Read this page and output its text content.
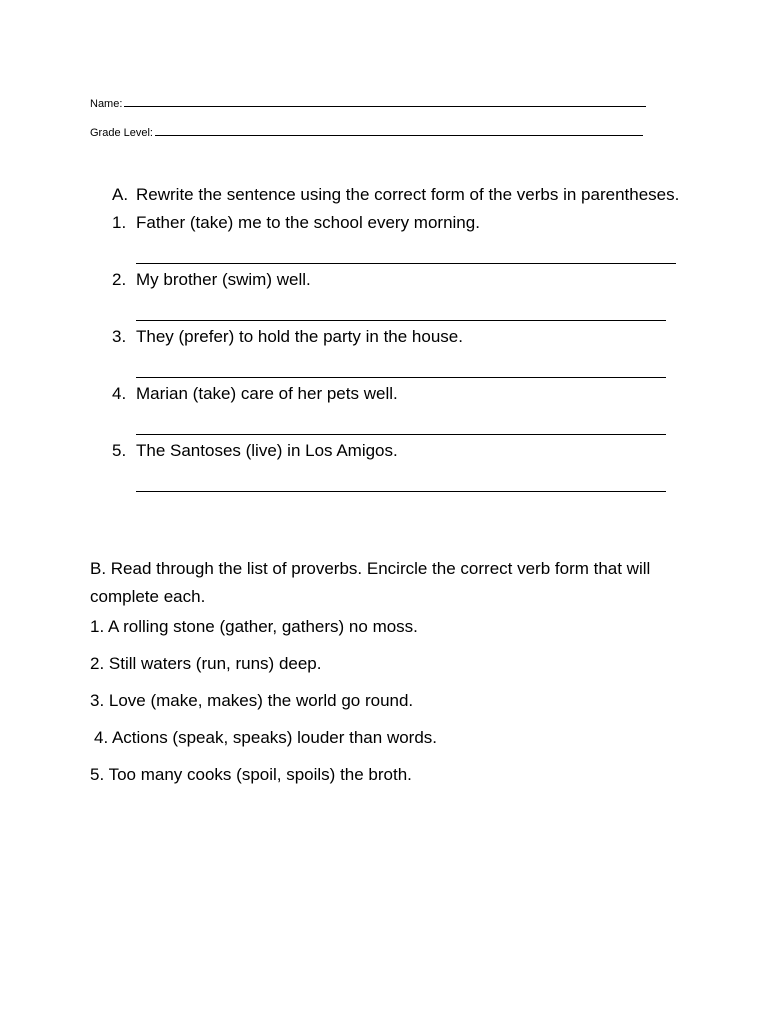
Name:
Grade Level:
A. Rewrite the sentence using the correct form of the verbs in parentheses.
1. Father (take) me to the school every morning.
2. My brother (swim) well.
3. They (prefer) to hold the party in the house.
4. Marian (take) care of her pets well.
5. The Santoses (live) in Los Amigos.

B. Read through the list of proverbs. Encircle the correct verb form that will complete each.

1. A rolling stone (gather, gathers) no moss.
2. Still waters (run, runs) deep.
3. Love (make, makes) the world go round.
4. Actions (speak, speaks) louder than words.
5. Too many cooks (spoil, spoils) the broth.
